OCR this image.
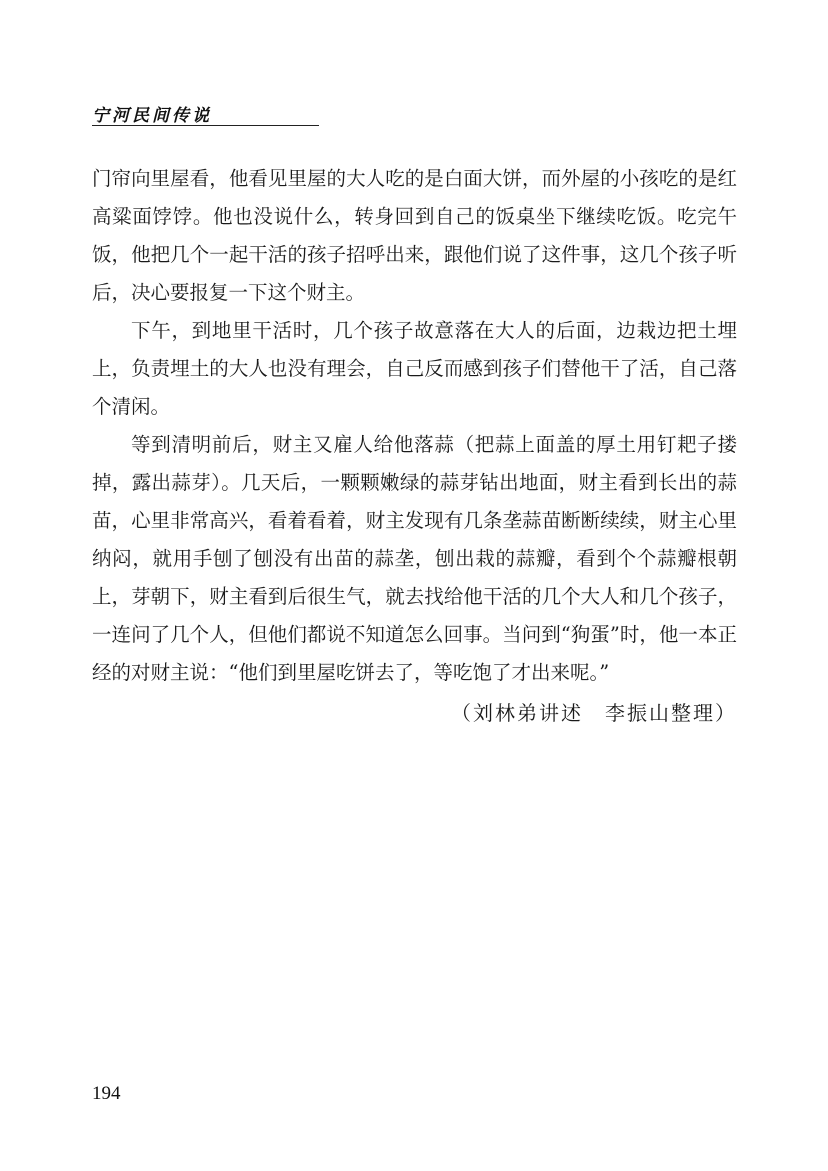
宁河民间传说

门帘向里屋看，他看见里屋的大人吃的是白面大饼，而外屋的小孩吃的是红高粱面饽饽。他也没说什么，转身回到自己的饭桌坐下继续吃饭。吃完午饭，他把几个一起干活的孩子招呼出来，跟他们说了这件事，这几个孩子听后，决心要报复一下这个财主。

下午，到地里干活时，几个孩子故意落在大人的后面，边栽边把土埋上，负责埋土的大人也没有理会，自己反而感到孩子们替他干了活，自己落个清闲。

等到清明前后，财主又雇人给他落蒜（把蒜上面盖的厚土用钉耙子搂掉，露出蒜芽）。几天后，一颗颗嫩绿的蒜芽钻出地面，财主看到长出的蒜苗，心里非常高兴，看着看着，财主发现有几条垄蒜苗断断续续，财主心里纳闷，就用手刨了刨没有出苗的蒜垄，刨出栽的蒜瓣，看到个个蒜瓣根朝上，芽朝下，财主看到后很生气，就去找给他干活的几个大人和几个孩子，一连问了几个人，但他们都说不知道怎么回事。当问到“狗蛋”时，他一本正经的对财主说：“他们到里屋吃饼去了，等吃饱了才出来呢。”

（刘林弟讲述　李振山整理）

194
